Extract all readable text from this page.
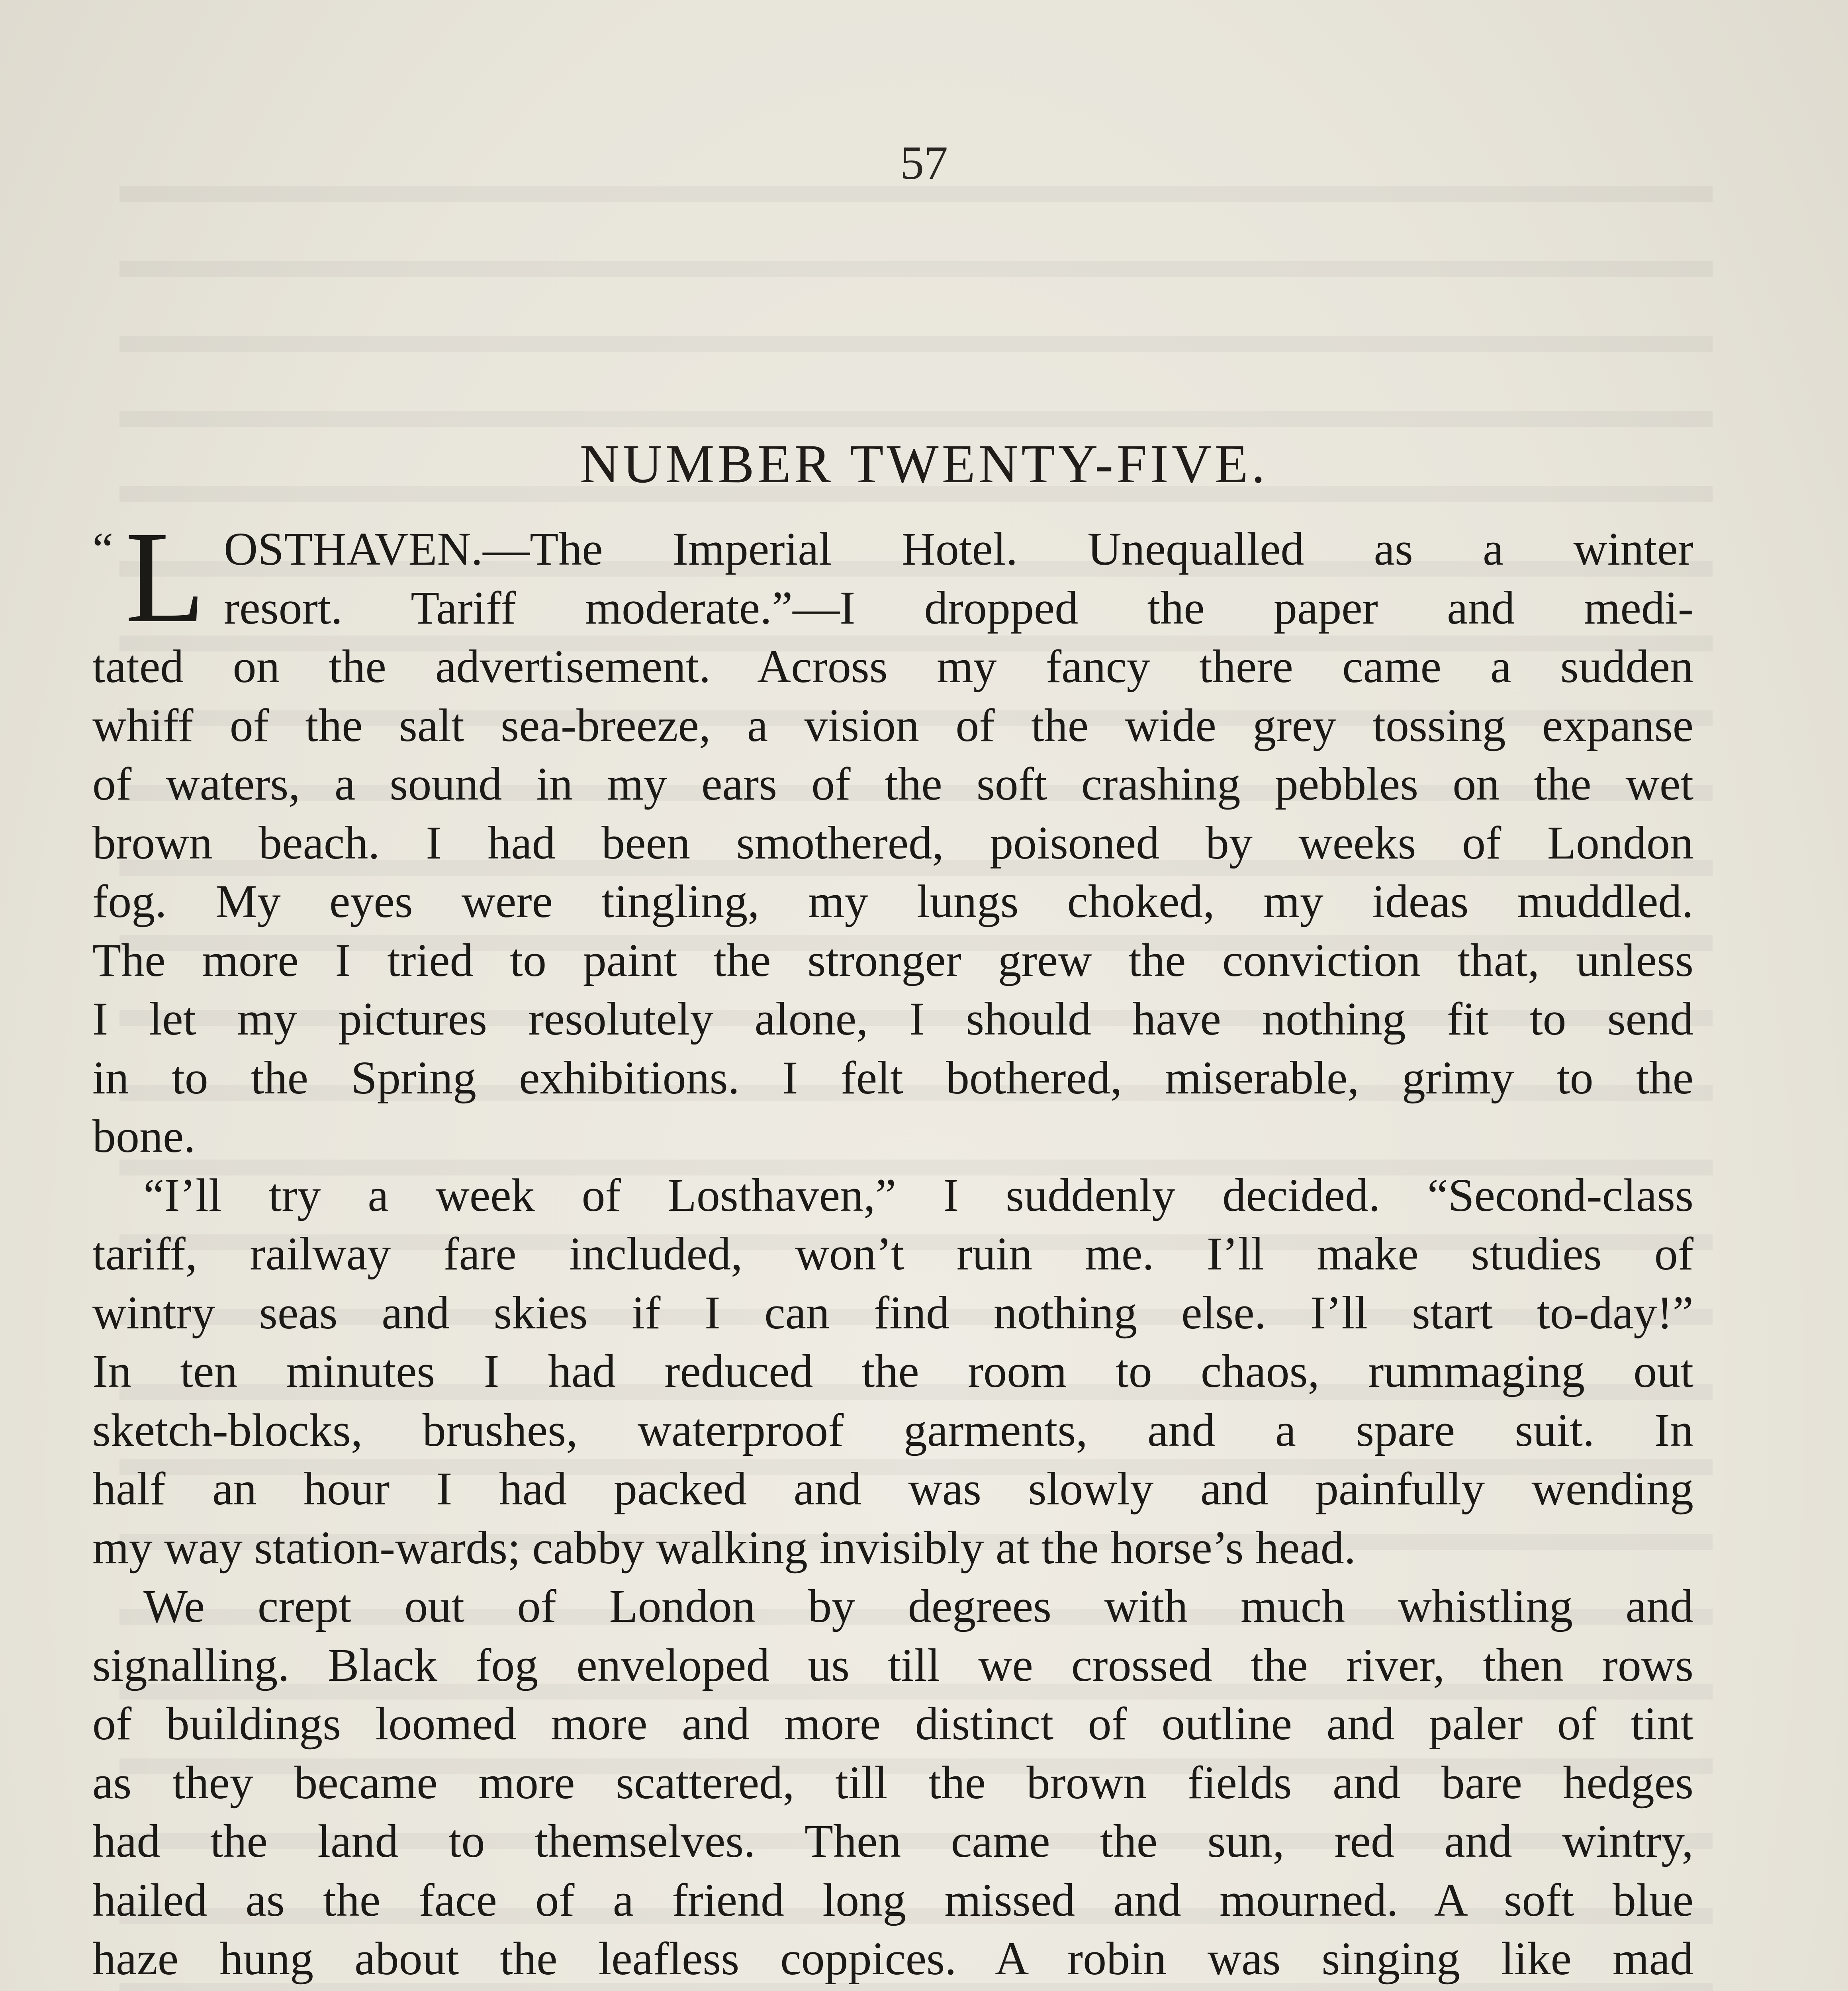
57
NUMBER TWENTY-FIVE.
L
“ OSTHAVEN.—The Imperial Hotel. Unequalled as a winter
resort. Tariff moderate.”—I dropped the paper and medi-
tated on the advertisement. Across my fancy there came a sudden
whiff of the salt sea-breeze, a vision of the wide grey tossing expanse
of waters, a sound in my ears of the soft crashing pebbles on the wet
brown beach. I had been smothered, poisoned by weeks of London
fog. My eyes were tingling, my lungs choked, my ideas muddled.
The more I tried to paint the stronger grew the conviction that, unless
I let my pictures resolutely alone, I should have nothing fit to send
in to the Spring exhibitions. I felt bothered, miserable, grimy to the
bone.
“I’ll try a week of Losthaven,” I suddenly decided. “Second-class
tariff, railway fare included, won’t ruin me. I’ll make studies of
wintry seas and skies if I can find nothing else. I’ll start to-day!”
In ten minutes I had reduced the room to chaos, rummaging out
sketch-blocks, brushes, waterproof garments, and a spare suit. In
half an hour I had packed and was slowly and painfully wending
my way station-wards; cabby walking invisibly at the horse’s head.
We crept out of London by degrees with much whistling and
signalling. Black fog enveloped us till we crossed the river, then rows
of buildings loomed more and more distinct of outline and paler of tint
as they became more scattered, till the brown fields and bare hedges
had the land to themselves. Then came the sun, red and wintry,
hailed as the face of a friend long missed and mourned. A soft blue
haze hung about the leafless coppices. A robin was singing like mad
